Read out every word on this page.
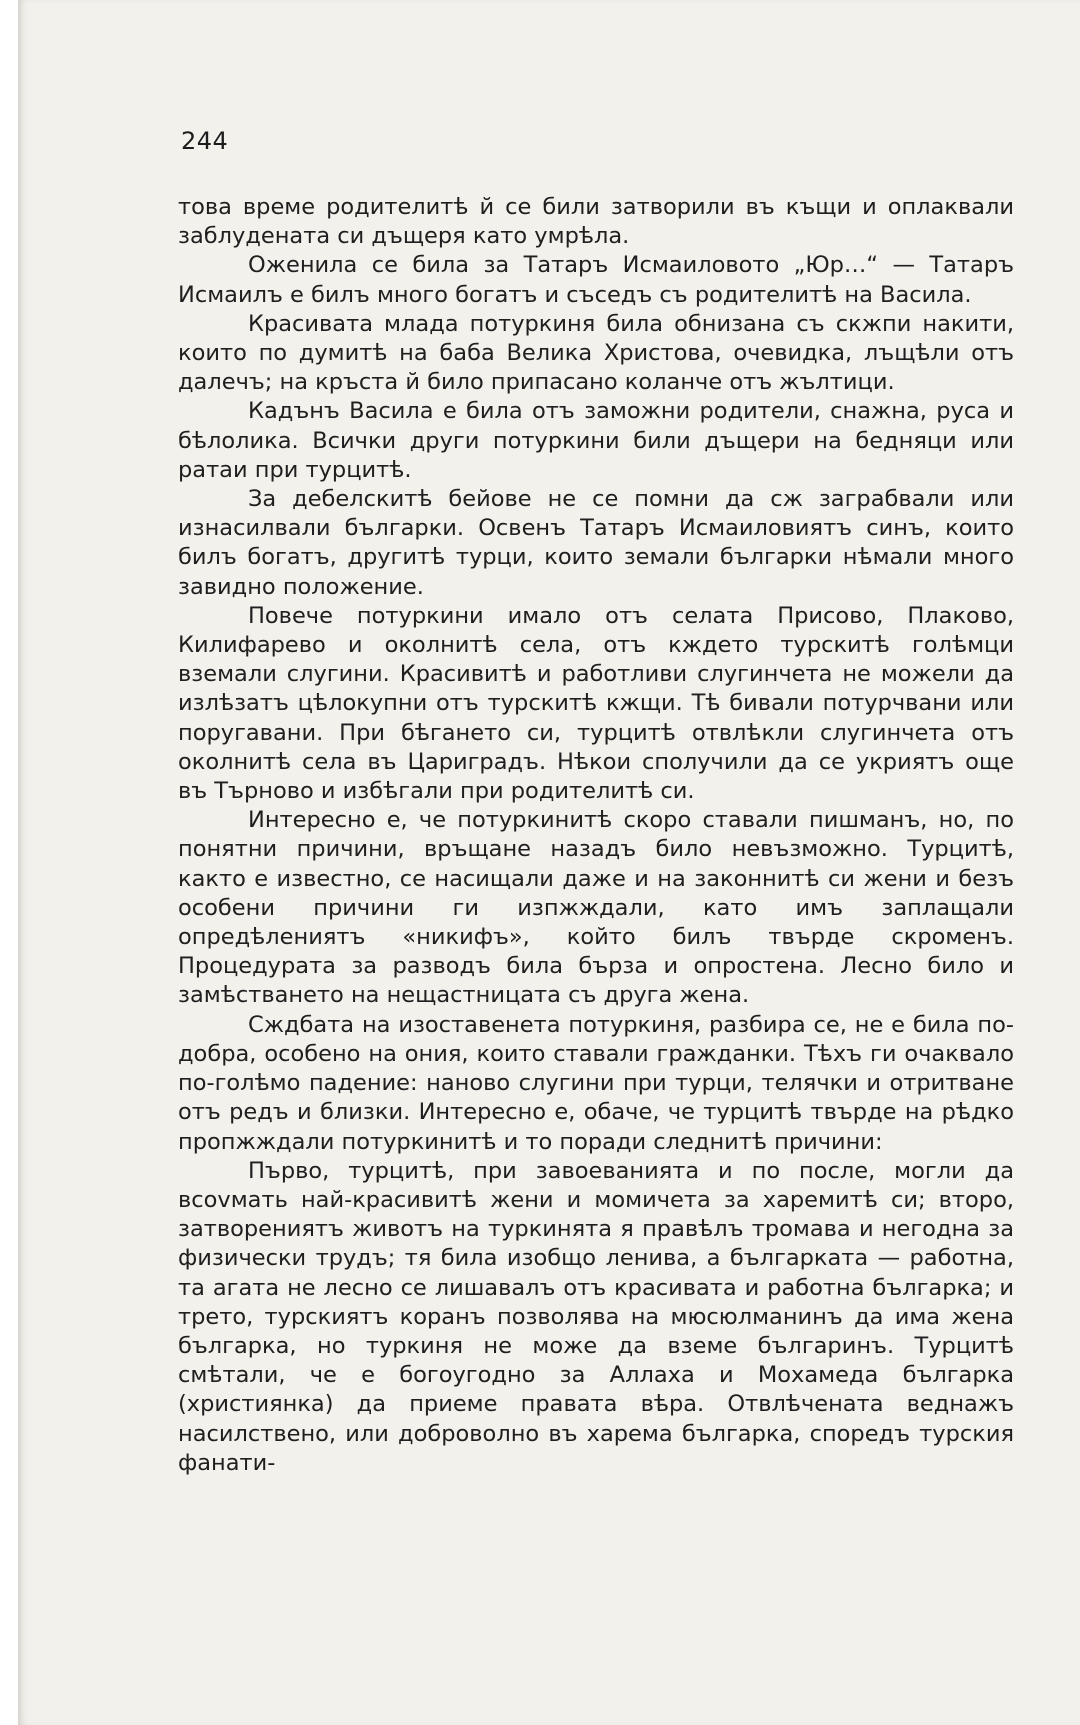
244

това време родителитѣ й се били затворили въ къщи и оплаквали заблудената си дъщеря като умрѣла.

Оженила се била за Татаръ Исмаиловото „Юр…“ — Татаръ Исмаилъ е билъ много богатъ и съседъ съ родителитѣ на Васила.

Красивата млада потуркиня била обнизана съ скжпи накити, които по думитѣ на баба Велика Христова, очевидка, лъщѣли отъ далечъ; на кръста й било припасано коланче отъ жълтици.

Кадънъ Васила е била отъ заможни родители, снажна, руса и бѣлолика. Всички други потуркини били дъщери на бедняци или ратаи при турцитѣ.

За дебелскитѣ бейове не се помни да сж заграбвали или изнасилвали българки. Освенъ Татаръ Исмаиловиятъ синъ, които билъ богатъ, другитѣ турци, които земали българки нѣмали много завидно положение.

Повече потуркини имало отъ селата Присово, Плаково, Килифарево и околнитѣ села, отъ кждето турскитѣ голѣмци вземали слугини. Красивитѣ и работливи слугинчета не можели да излѣзатъ цѣлокупни отъ турскитѣ кжщи. Тѣ бивали потурчвани или поругавани. При бѣгането си, турцитѣ отвлѣкли слугинчета отъ околнитѣ села въ Цариградъ. Нѣкои сполучили да се укриятъ още въ Търново и избѣгали при родителитѣ си.

Интересно е, че потуркинитѣ скоро ставали пишманъ, но, по понятни причини, връщане назадъ било невъзможно. Турцитѣ, както е известно, се насищали даже и на законнитѣ си жени и безъ особени причини ги изпжждали, като имъ заплащали опредѣлениятъ «никифъ», който билъ твърде скроменъ. Процедурата за разводъ била бърза и опростена. Лесно било и замѣстването на нещастницата съ друга жена.

Сждбата на изоставенета потуркиня, разбира се, не е била по-добра, особено на ония, които ставали гражданки. Тѣхъ ги очаквало по-голѣмо падение: наново слугини при турци, телячки и отритване отъ редъ и близки. Интересно е, обаче, че турцитѣ твърде на рѣдко пропжждали потуркинитѣ и то поради следнитѣ причини:

Първо, турцитѣ, при завоеванията и по после, могли да вcovмать най-красивитѣ жени и момичета за харемитѣ си; второ, затворениятъ животъ на туркинята я правѣлъ тромава и негодна за физически трудъ; тя била изобщо ленива, а българката — работна, та агата не лесно се лишавалъ отъ красивата и работна българка; и трето, турскиятъ коранъ позволява на мюсюлманинъ да има жена българка, но туркиня не може да вземе българинъ. Турцитѣ смѣтали, че е богоугодно за Аллаха и Мохамеда българка (християнка) да приеме правата вѣра. Отвлѣчената веднажъ насилствено, или доброволно въ харема българка, споредъ турския фанати-
